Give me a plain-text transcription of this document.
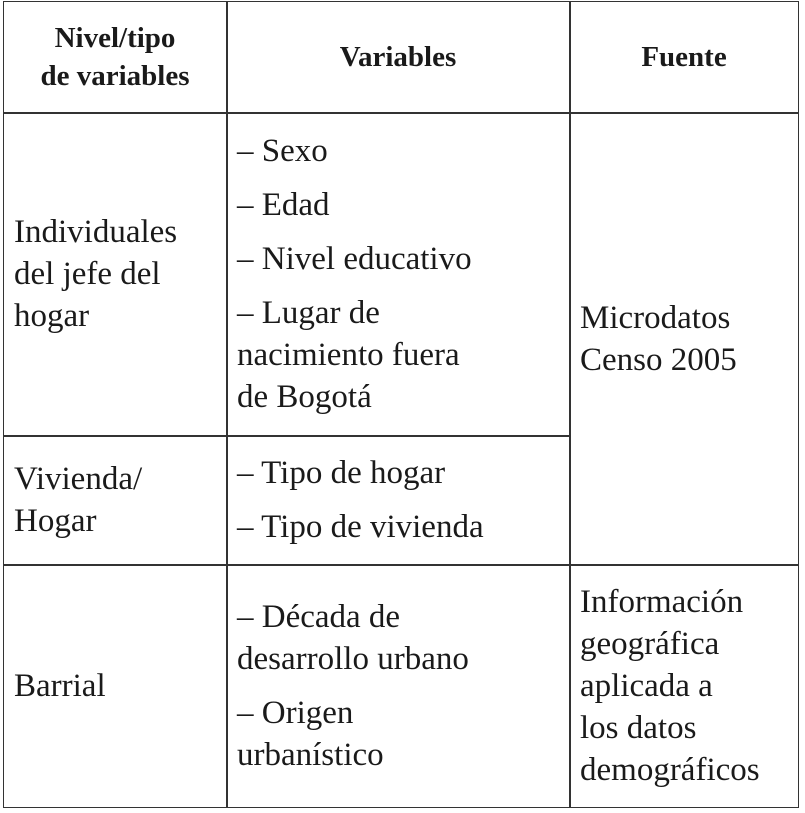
Nivel/tipo
de variables
Variables	Fuente
Individuales
del jefe del
hogar
– Sexo
– Edad
– Nivel educativo
– Lugar de
nacimiento fuera
de Bogotá
Microdatos
Censo 2005
Vivienda/
Hogar
– Tipo de hogar
– Tipo de vivienda
Barrial
– Década de
desarrollo urbano
– Origen
urbanístico
Información
geográfica
aplicada a
los datos
demográficos
